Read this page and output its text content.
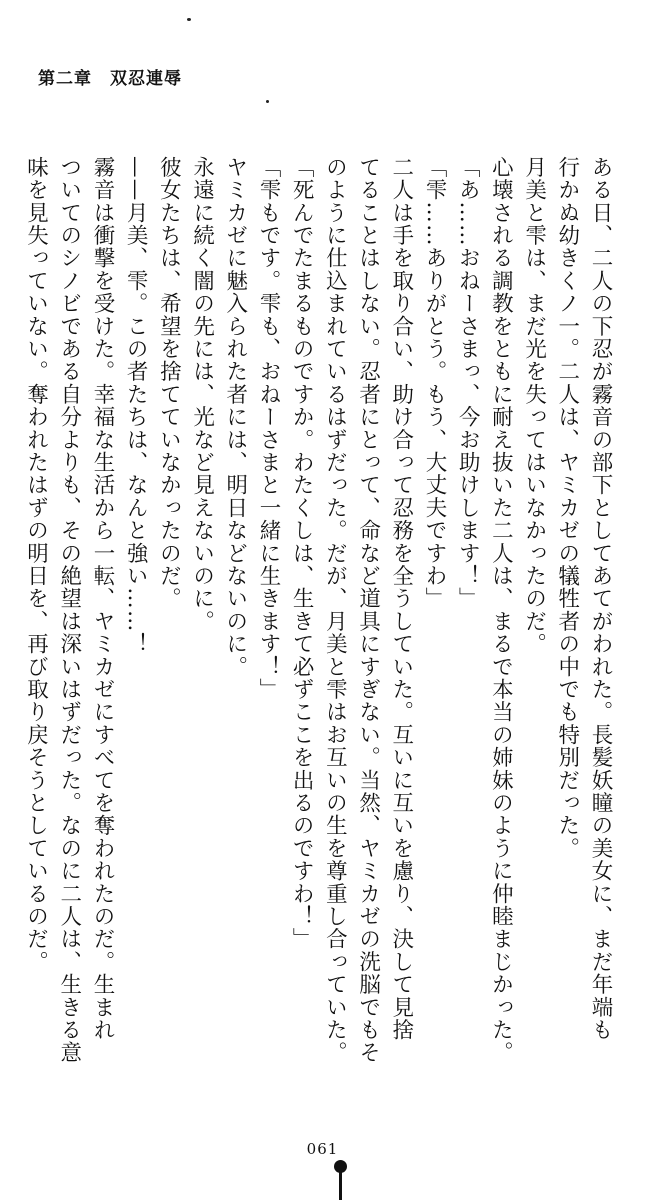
第二章　双忍連辱
ある日、二人の下忍が霧音の部下としてあてがわれた。長髪妖瞳の美女に、まだ年端も
行かぬ幼きくノ一。二人は、ヤミカゼの犠牲者の中でも特別だった。
月美と雫は、まだ光を失ってはいなかったのだ。
心壊される調教をともに耐え抜いた二人は、まるで本当の姉妹のように仲睦まじかった。
「あ……おねーさまっ、今お助けします！」
「雫……ありがとう。もう、大丈夫ですわ」
二人は手を取り合い、助け合って忍務を全うしていた。互いに互いを慮り、決して見捨
てることはしない。忍者にとって、命など道具にすぎない。当然、ヤミカゼの洗脳でもそ
のように仕込まれているはずだった。だが、月美と雫はお互いの生を尊重し合っていた。
「死んでたまるものですか。わたくしは、生きて必ずここを出るのですわ！」
「雫もです。雫も、おねーさまと一緒に生きます！」
ヤミカゼに魅入られた者には、明日などないのに。
永遠に続く闇の先には、光など見えないのに。
彼女たちは、希望を捨てていなかったのだ。
——月美、雫。この者たちは、なんと強い……！
霧音は衝撃を受けた。幸福な生活から一転、ヤミカゼにすべてを奪われたのだ。生まれ
ついてのシノビである自分よりも、その絶望は深いはずだった。なのに二人は、生きる意
味を見失っていない。奪われたはずの明日を、再び取り戻そうとしているのだ。
061
